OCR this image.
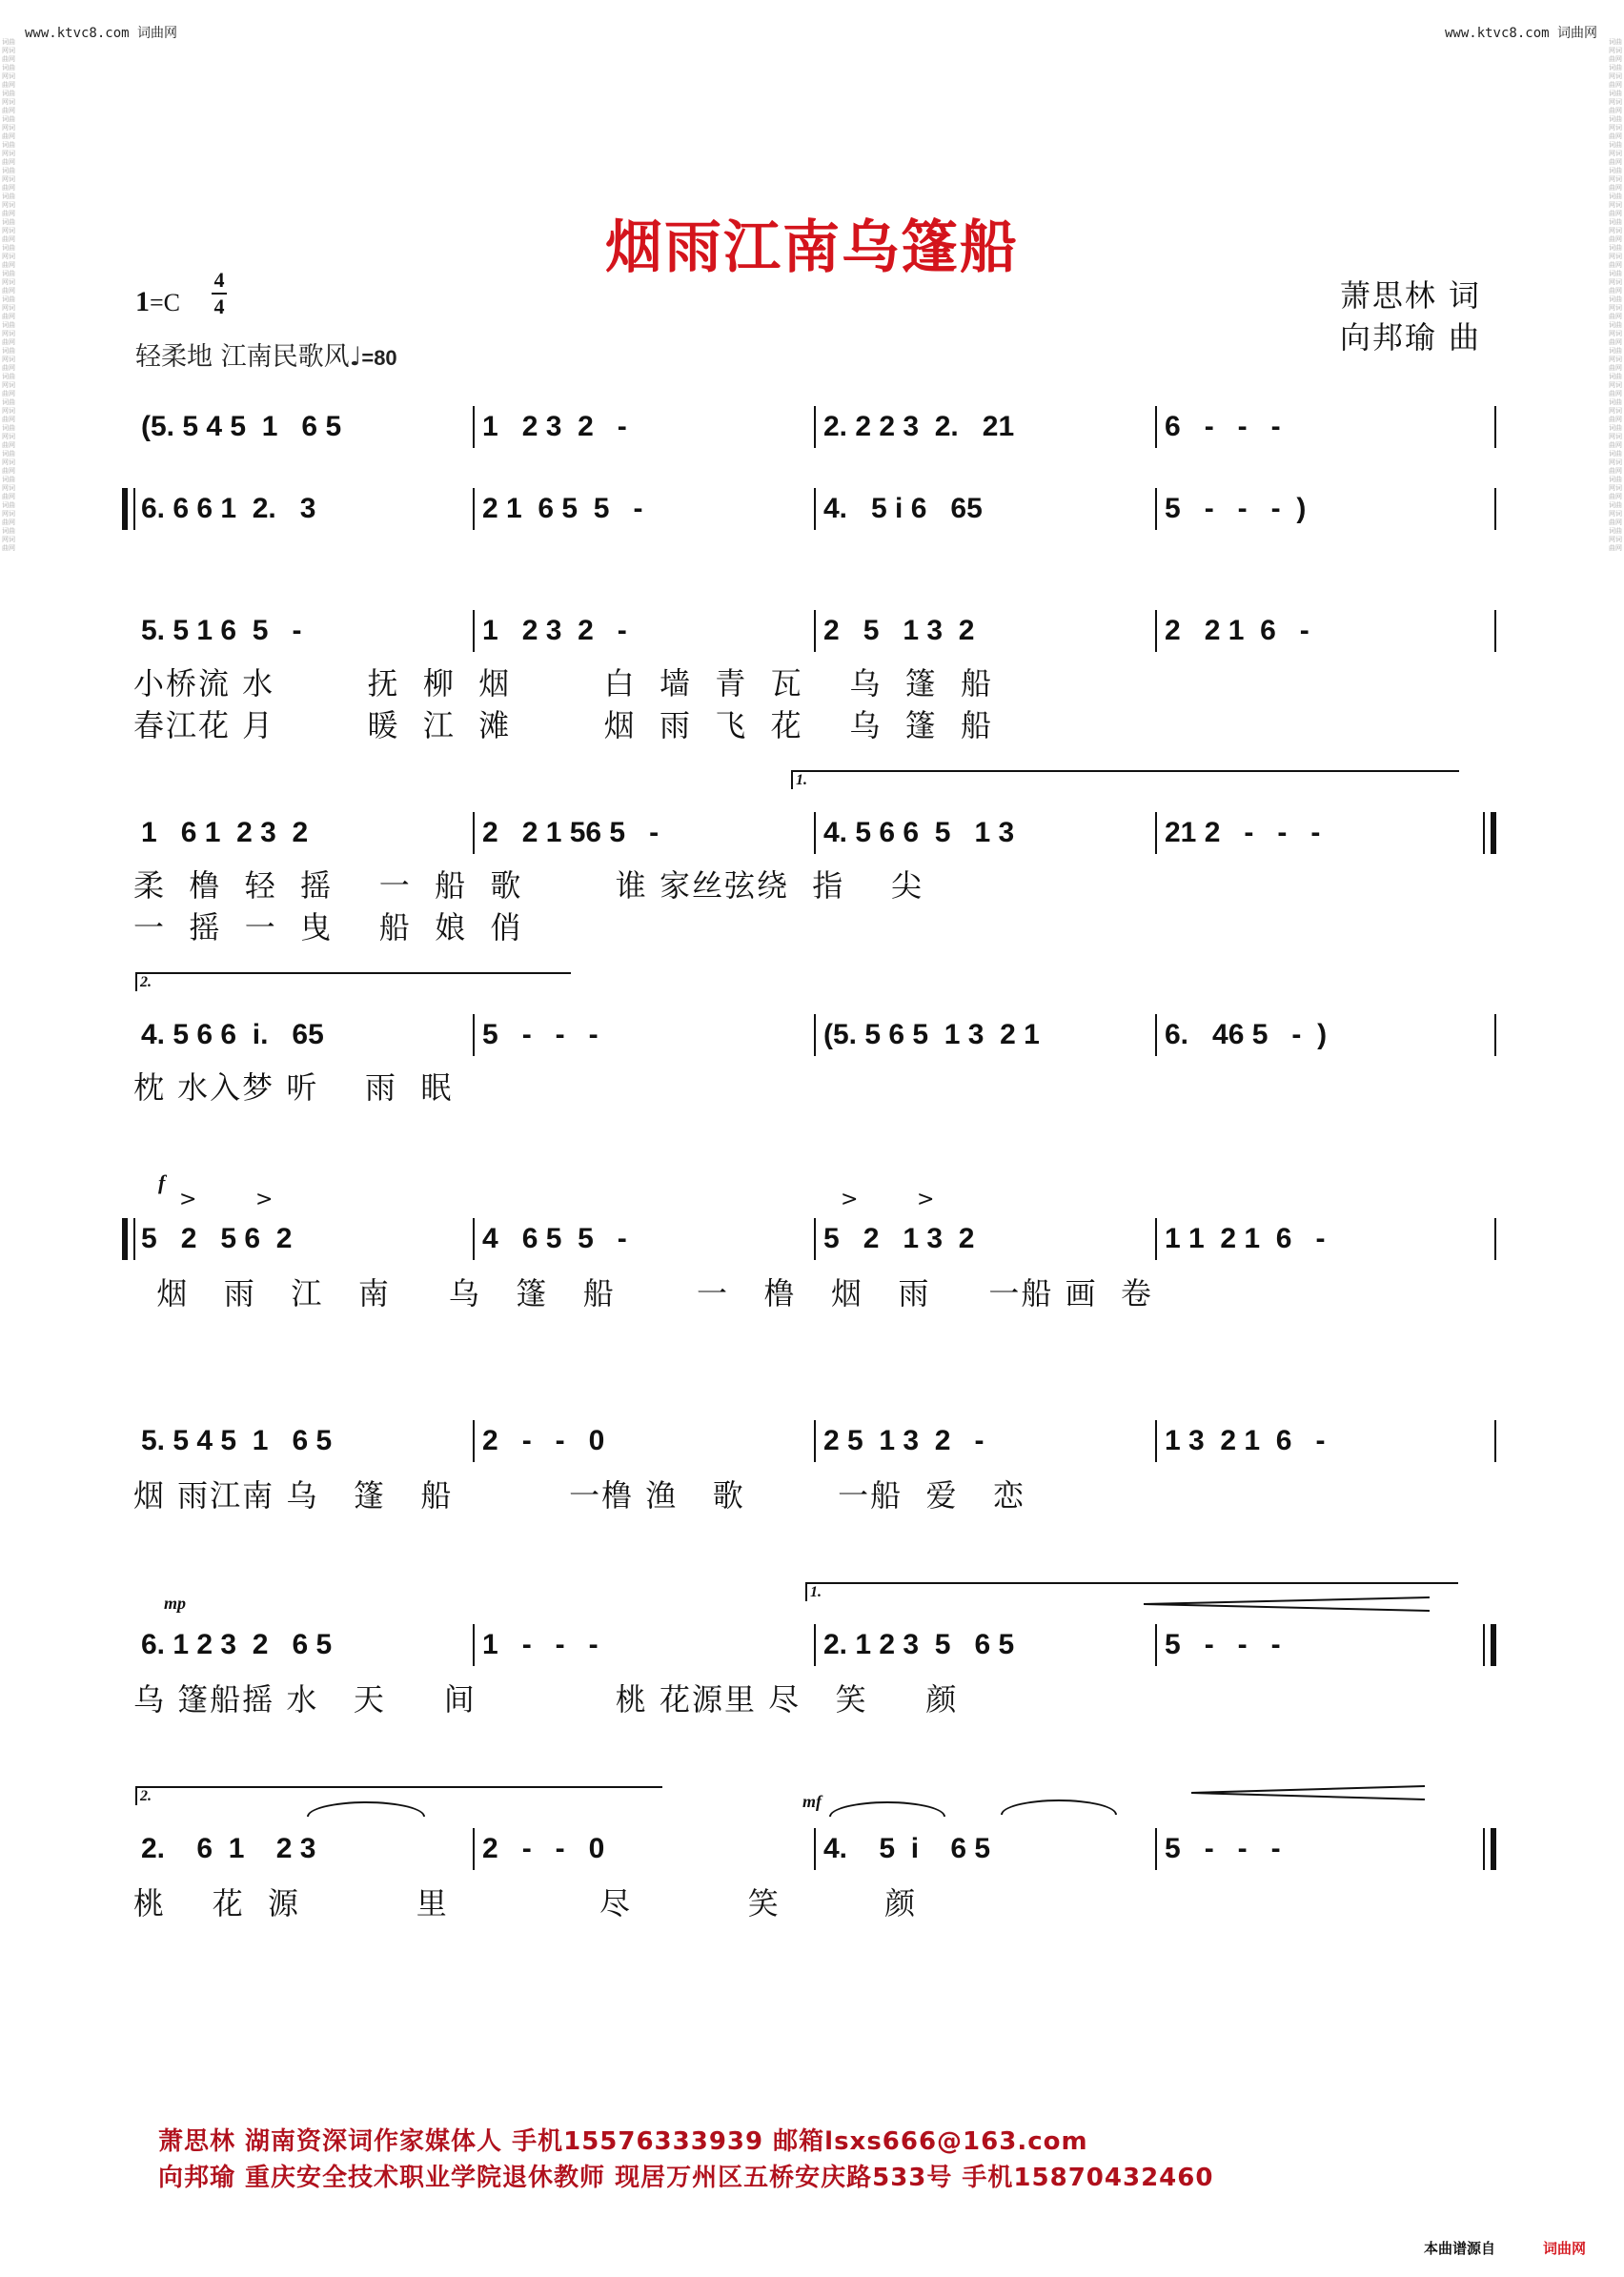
www.ktvc8.com 词曲网	www.ktvc8.com 词曲网
词曲网词曲网词曲网词曲网词曲网词曲网词曲网词曲网词曲网词曲网词曲网词曲网词曲网词曲网词曲网词曲网词曲网词曲网词曲网词曲网词曲网词曲网词曲网词曲网词曲网词曲网词曲网词曲网词曲网词曲网词曲网词曲网词曲网词曲网词曲网词曲网词曲网词曲网词曲网词曲网
词曲网词曲网词曲网词曲网词曲网词曲网词曲网词曲网词曲网词曲网词曲网词曲网词曲网词曲网词曲网词曲网词曲网词曲网词曲网词曲网词曲网词曲网词曲网词曲网词曲网词曲网词曲网词曲网词曲网词曲网词曲网词曲网词曲网词曲网词曲网词曲网词曲网词曲网词曲网词曲网
烟雨江南乌篷船
1=C
4
4
轻柔地 江南民歌风♩=80
萧思林 词
向邦瑜 曲
(5. 5 4 5  1   6 5	1   2 3  2   -	2. 2 2 3  2.   21	6   -   -   -
6. 6 6 1  2.   3	2 1  6 5  5   -	4.   5 i 6   65	5   -   -   -  )
5. 5 1 6  5   -	1   2 3  2   -	2   5   1 3  2	2   2 1  6   -
小桥流 水        抚  柳  烟        白  墙  青  瓦    乌  篷  船
春江花 月        暖  江  滩        烟  雨  飞  花    乌  篷  船
1.
1   6 1  2 3  2	2   2 1 56 5   -	4. 5 6 6  5   1 3	21 2   -   -   -
柔  橹  轻  摇    一  船  歌        谁 家丝弦绕  指    尖
一  摇  一  曳    船  娘  俏
2.
4. 5 6 6  i.   65	5   -   -   -	(5. 5 6 5  1 3  2 1	6.   46 5   -  )
枕 水入梦 听    雨  眠
f
>	>	>	>
5   2   5 6  2	4   6 5  5   -	5   2   1 3  2	1 1  2 1  6   -
烟   雨   江   南     乌   篷   船       一   橹   烟   雨     一船 画  卷
5. 5 4 5  1   6 5	2   -   -   0	2 5  1 3  2   -	1 3  2 1  6   -
烟 雨江南 乌   篷   船          一橹 渔   歌        一船  爱   恋
mp
1.
6. 1 2 3  2   6 5	1   -   -   -	2. 1 2 3  5   6 5	5   -   -   -
乌 篷船摇 水   天     间            桃 花源里 尽   笑     颜
2.	mf
2.    6  1    2 3	2   -   -   0	4.    5  i    6 5	5   -   -   -
桃    花  源          里             尽          笑         颜
萧思林 湖南资深词作家媒体人 手机15576333939 邮箱lsxs666@163.com
向邦瑜 重庆安全技术职业学院退休教师 现居万州区五桥安庆路533号 手机15870432460
本曲谱源自	词曲网
